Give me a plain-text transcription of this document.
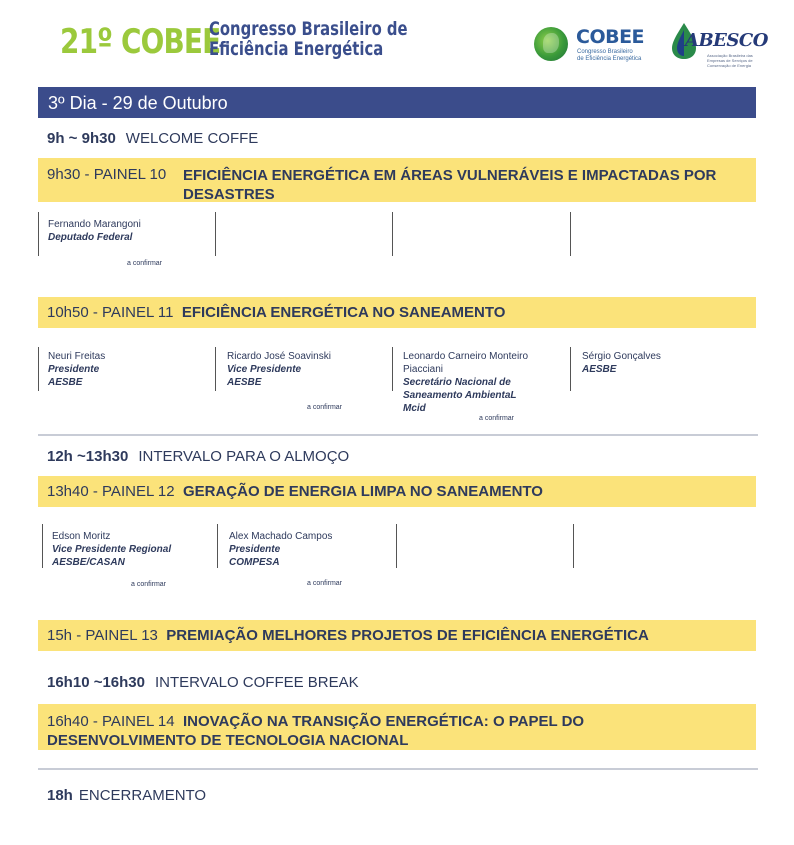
21º COBEE
Congresso Brasileiro de
Eficiência Energética
COBEE
Congresso Brasileiro
de Eficiência Energética
ABESCO
Associação Brasileira das Empresas de Serviços de Conservação de Energia
3º Dia - 29 de Outubro
9h ~ 9h30 WELCOME COFFE
9h30 - PAINEL 10 EFICIÊNCIA ENERGÉTICA EM ÁREAS VULNERÁVEIS E IMPACTADAS POR
DESASTRES
Fernando Marangoni
Deputado Federal
a confirmar
10h50 - PAINEL 11 EFICIÊNCIA ENERGÉTICA NO SANEAMENTO
Neuri Freitas
Presidente
AESBE
Ricardo José Soavinski
Vice Presidente
AESBE
Leonardo Carneiro Monteiro
Piacciani
Secretário Nacional de
Saneamento AmbientaL
Mcid
Sérgio Gonçalves
AESBE
a confirmar
a confirmar
12h ~13h30 INTERVALO PARA O ALMOÇO
13h40 - PAINEL 12 GERAÇÃO DE ENERGIA LIMPA NO SANEAMENTO
Edson Moritz
Vice Presidente Regional
AESBE/CASAN
Alex Machado Campos
Presidente
COMPESA
a confirmar	a confirmar
15h - PAINEL 13 PREMIAÇÃO MELHORES PROJETOS DE EFICIÊNCIA ENERGÉTICA
16h10 ~16h30 INTERVALO COFFEE BREAK
16h40 - PAINEL 14 INOVAÇÃO NA TRANSIÇÃO ENERGÉTICA: O PAPEL DO
DESENVOLVIMENTO DE TECNOLOGIA NACIONAL
18h ENCERRAMENTO
